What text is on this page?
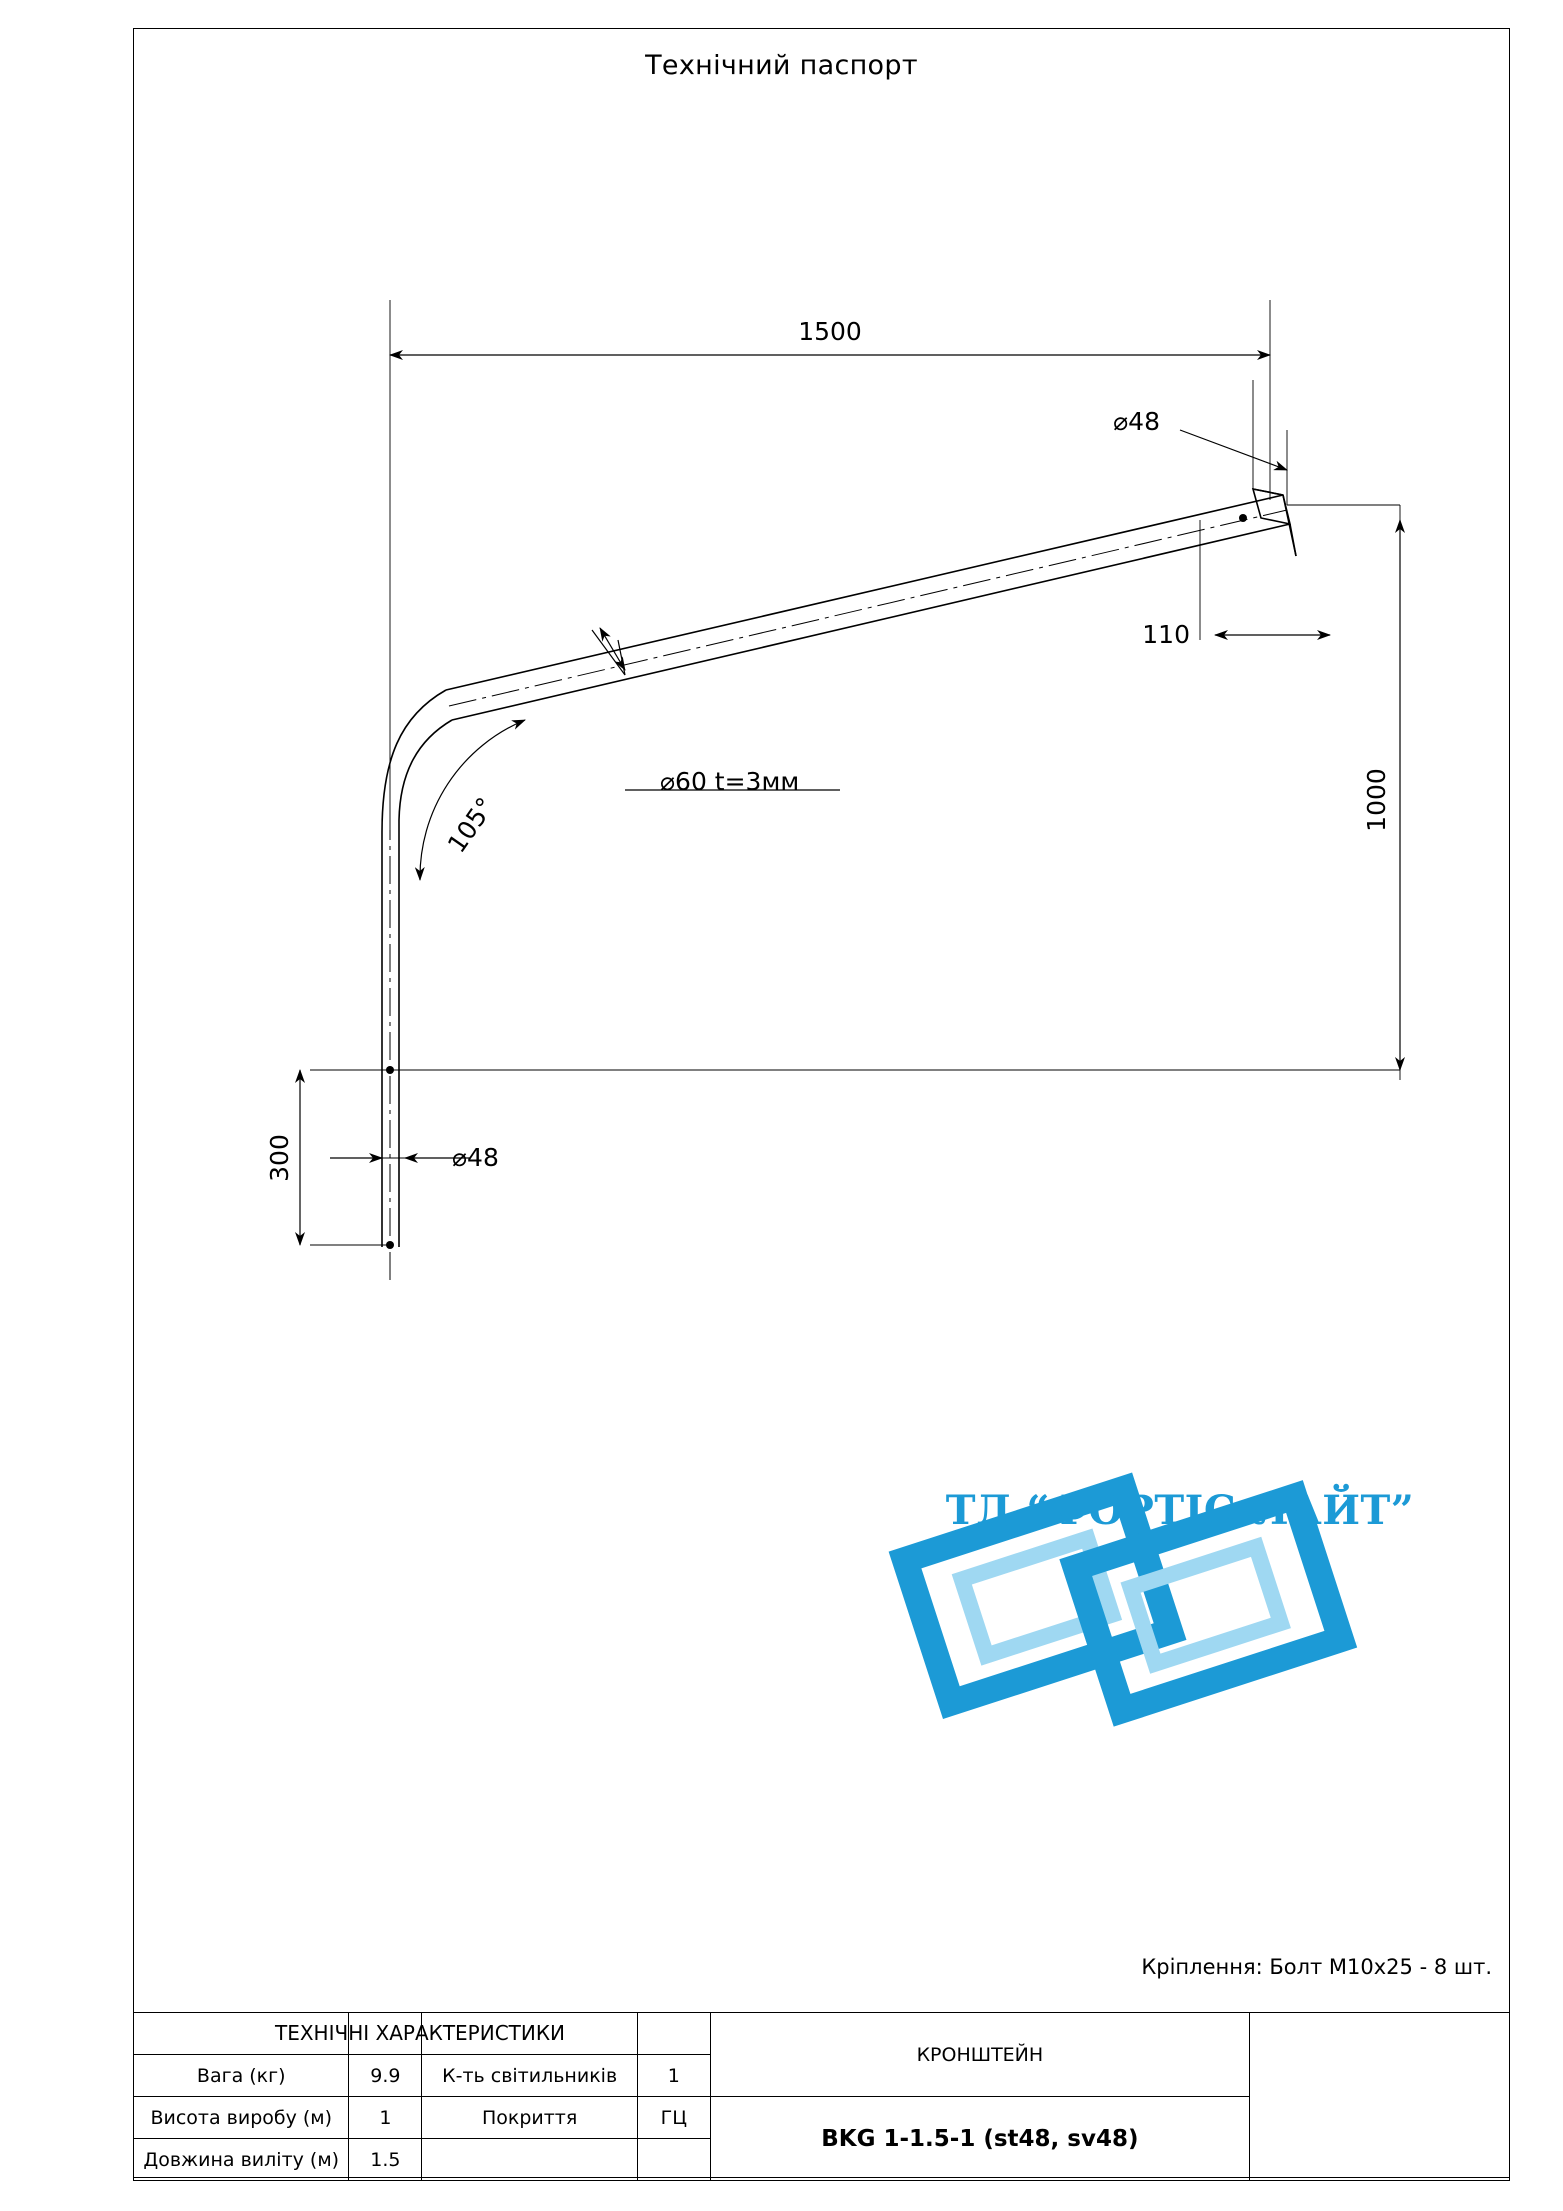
Технічний паспорт
1500
1000
300	⌀48
⌀48
110
⌀60 t=3мм
105°
ТД “ФОРТІС-ЛАЙТ”
Кріплення: Болт М10х25 - 8 шт.
				КРОНШТЕЙН	
Вага (кг)	9.9	К-ть світильників	1		
Висота виробу (м)	1	Покриття	ГЦ	BKG 1-1.5-1 (st48, sv48)	
Довжина вилiту (м)	1.5				
ТЕХНІЧНІ ХАРАКТЕРИСТИКИ
